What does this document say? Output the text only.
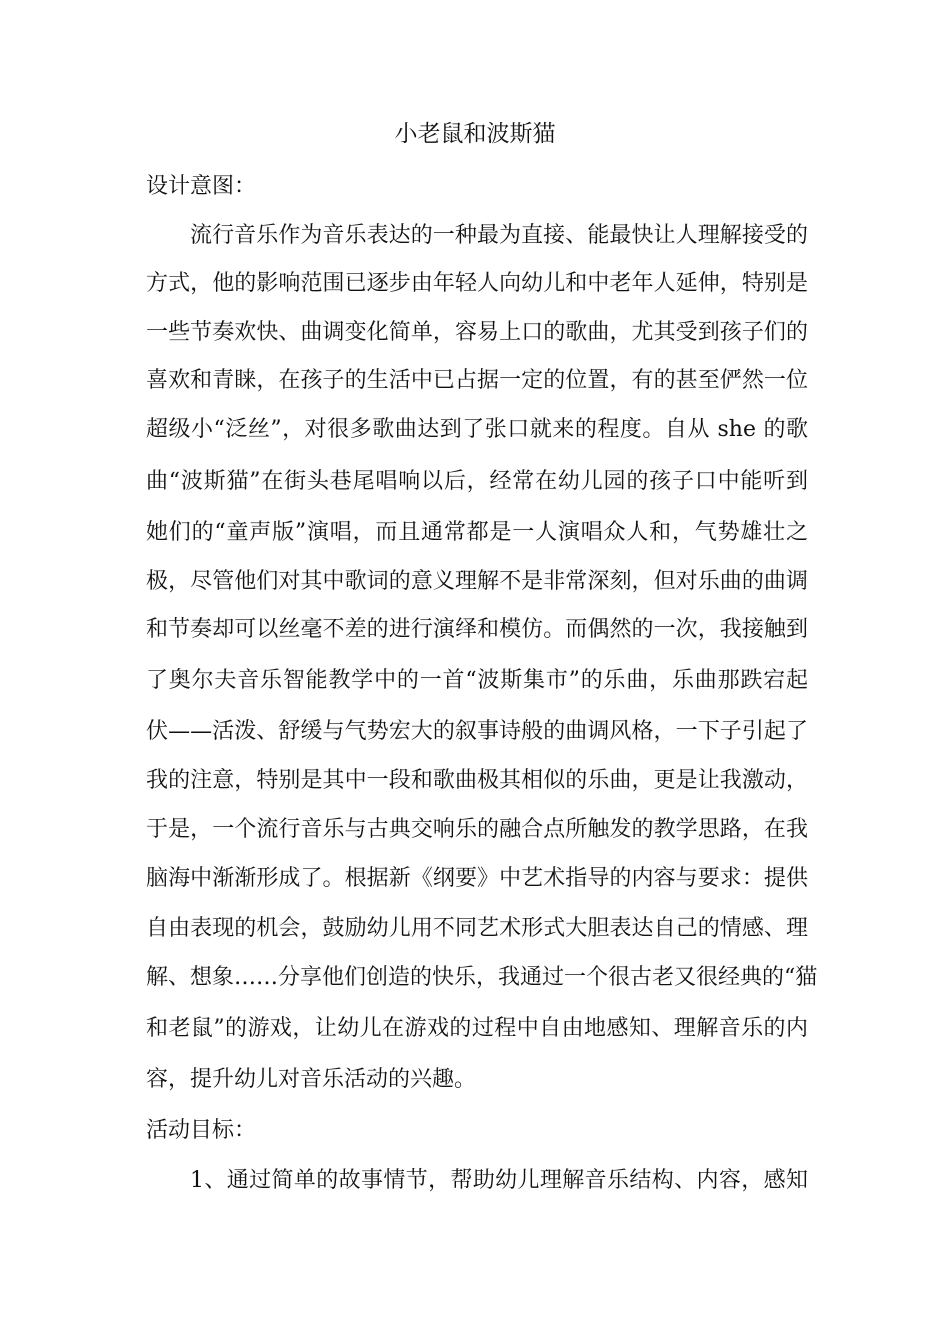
小老鼠和波斯猫
设计意图：
流行音乐作为音乐表达的一种最为直接、能最快让人理解接受的
方式，他的影响范围已逐步由年轻人向幼儿和中老年人延伸，特别是
一些节奏欢快、曲调变化简单，容易上口的歌曲，尤其受到孩子们的
喜欢和青睐，在孩子的生活中已占据一定的位置，有的甚至俨然一位
超级小“泛丝”，对很多歌曲达到了张口就来的程度。自从 she 的歌
曲“波斯猫”在街头巷尾唱响以后，经常在幼儿园的孩子口中能听到
她们的“童声版”演唱，而且通常都是一人演唱众人和，气势雄壮之
极，尽管他们对其中歌词的意义理解不是非常深刻，但对乐曲的曲调
和节奏却可以丝毫不差的进行演绎和模仿。而偶然的一次，我接触到
了奥尔夫音乐智能教学中的一首“波斯集市”的乐曲，乐曲那跌宕起
伏——活泼、舒缓与气势宏大的叙事诗般的曲调风格，一下子引起了
我的注意，特别是其中一段和歌曲极其相似的乐曲，更是让我激动，
于是，一个流行音乐与古典交响乐的融合点所触发的教学思路，在我
脑海中渐渐形成了。根据新《纲要》中艺术指导的内容与要求：提供
自由表现的机会，鼓励幼儿用不同艺术形式大胆表达自己的情感、理
解、想象……分享他们创造的快乐，我通过一个很古老又很经典的“猫
和老鼠”的游戏，让幼儿在游戏的过程中自由地感知、理解音乐的内
容，提升幼儿对音乐活动的兴趣。
活动目标：
1、通过简单的故事情节，帮助幼儿理解音乐结构、内容，感知
